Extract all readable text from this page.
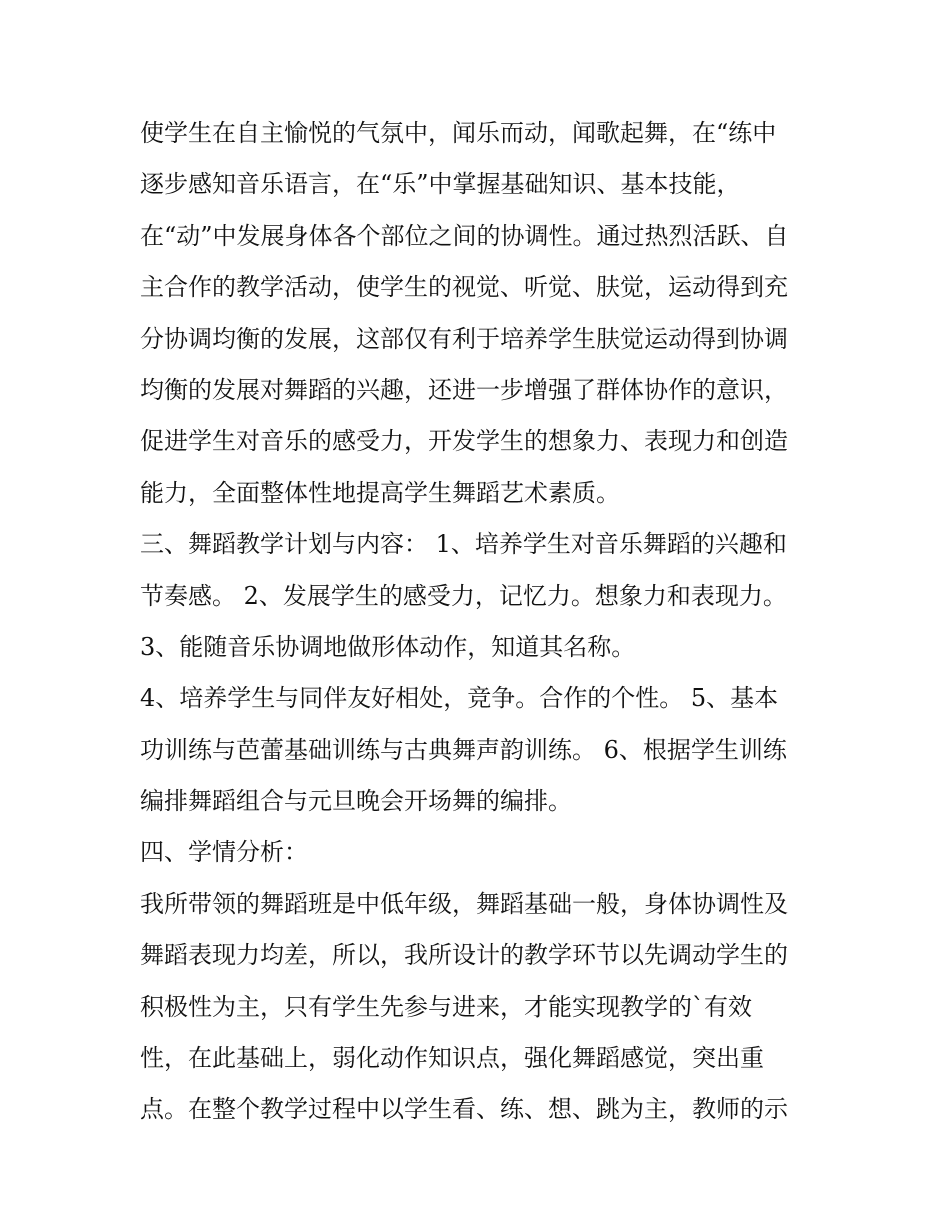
使学生在自主愉悦的气氛中，闻乐而动，闻歌起舞，在“练中
逐步感知音乐语言，在“乐”中掌握基础知识、基本技能，
在“动”中发展身体各个部位之间的协调性。通过热烈活跃、自
主合作的教学活动，使学生的视觉、听觉、肤觉，运动得到充
分协调均衡的发展，这部仅有利于培养学生肤觉运动得到协调
均衡的发展对舞蹈的兴趣，还进一步增强了群体协作的意识，
促进学生对音乐的感受力，开发学生的想象力、表现力和创造
能力，全面整体性地提高学生舞蹈艺术素质。
三、舞蹈教学计划与内容： 1、培养学生对音乐舞蹈的兴趣和
节奏感。 2、发展学生的感受力，记忆力。想象力和表现力。
3、能随音乐协调地做形体动作，知道其名称。
4、培养学生与同伴友好相处，竞争。合作的个性。 5、基本
功训练与芭蕾基础训练与古典舞声韵训练。 6、根据学生训练
编排舞蹈组合与元旦晚会开场舞的编排。
四、学情分析：
我所带领的舞蹈班是中低年级，舞蹈基础一般，身体协调性及
舞蹈表现力均差，所以，我所设计的教学环节以先调动学生的
积极性为主，只有学生先参与进来，才能实现教学的`有效
性，在此基础上，弱化动作知识点，强化舞蹈感觉，突出重
点。在整个教学过程中以学生看、练、想、跳为主，教师的示
